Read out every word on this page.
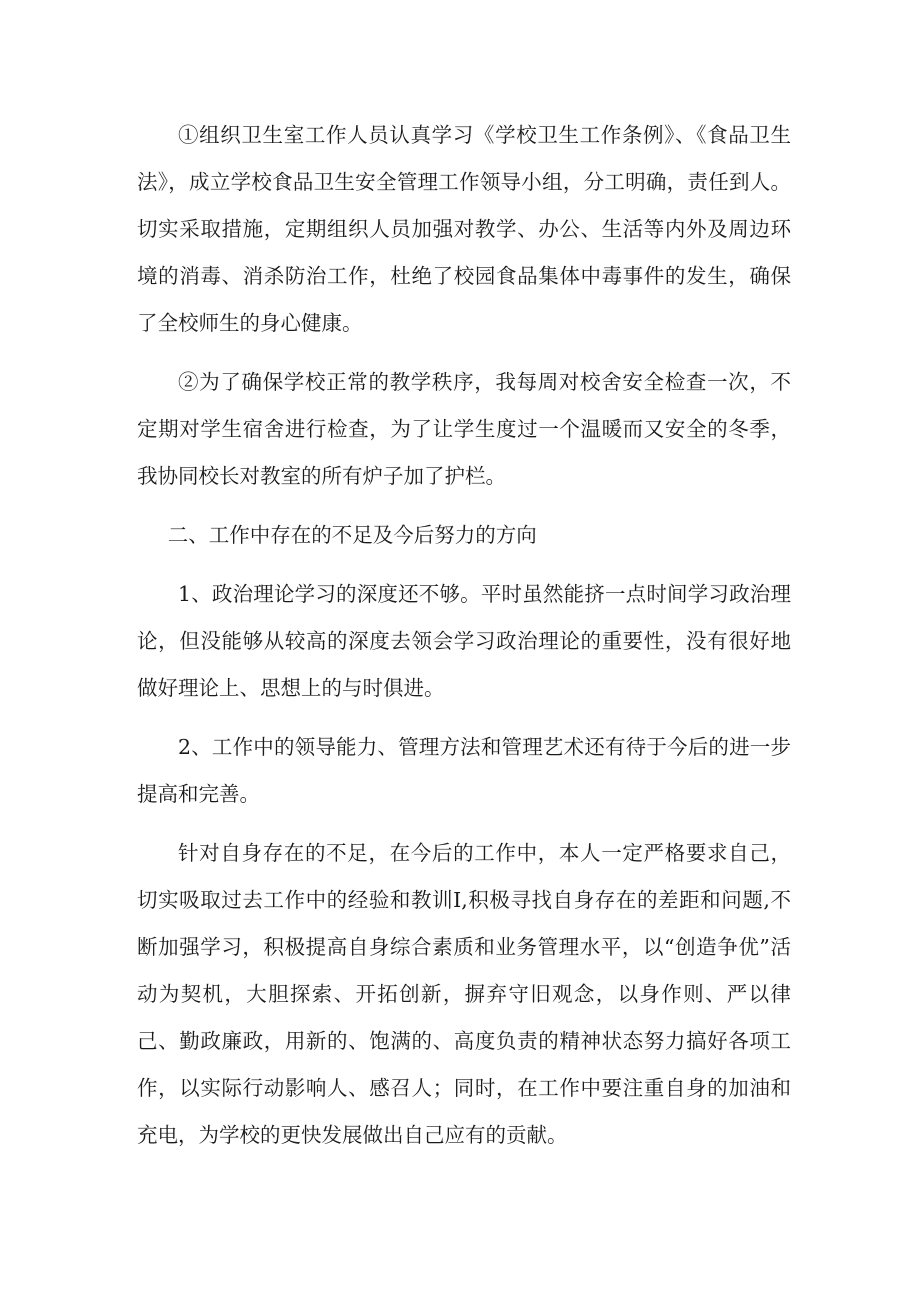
①组织卫生室工作人员认真学习《学校卫生工作条例》、《食品卫生法》，成立学校食品卫生安全管理工作领导小组，分工明确，责任到人。切实采取措施，定期组织人员加强对教学、办公、生活等内外及周边环境的消毒、消杀防治工作，杜绝了校园食品集体中毒事件的发生，确保了全校师生的身心健康。

②为了确保学校正常的教学秩序，我每周对校舍安全检查一次，不定期对学生宿舍进行检查，为了让学生度过一个温暖而又安全的冬季，我协同校长对教室的所有炉子加了护栏。

二、工作中存在的不足及今后努力的方向

1、政治理论学习的深度还不够。平时虽然能挤一点时间学习政治理论，但没能够从较高的深度去领会学习政治理论的重要性，没有很好地做好理论上、思想上的与时俱进。

2、工作中的领导能力、管理方法和管理艺术还有待于今后的进一步提高和完善。

针对自身存在的不足，在今后的工作中，本人一定严格要求自己，切实吸取过去工作中的经验和教训I,积极寻找自身存在的差距和问题,不断加强学习，积极提高自身综合素质和业务管理水平，以“创造争优”活动为契机，大胆探索、开拓创新，摒弃守旧观念，以身作则、严以律己、勤政廉政，用新的、饱满的、高度负责的精神状态努力搞好各项工作，以实际行动影响人、感召人；同时，在工作中要注重自身的加油和充电，为学校的更快发展做出自己应有的贡献。
